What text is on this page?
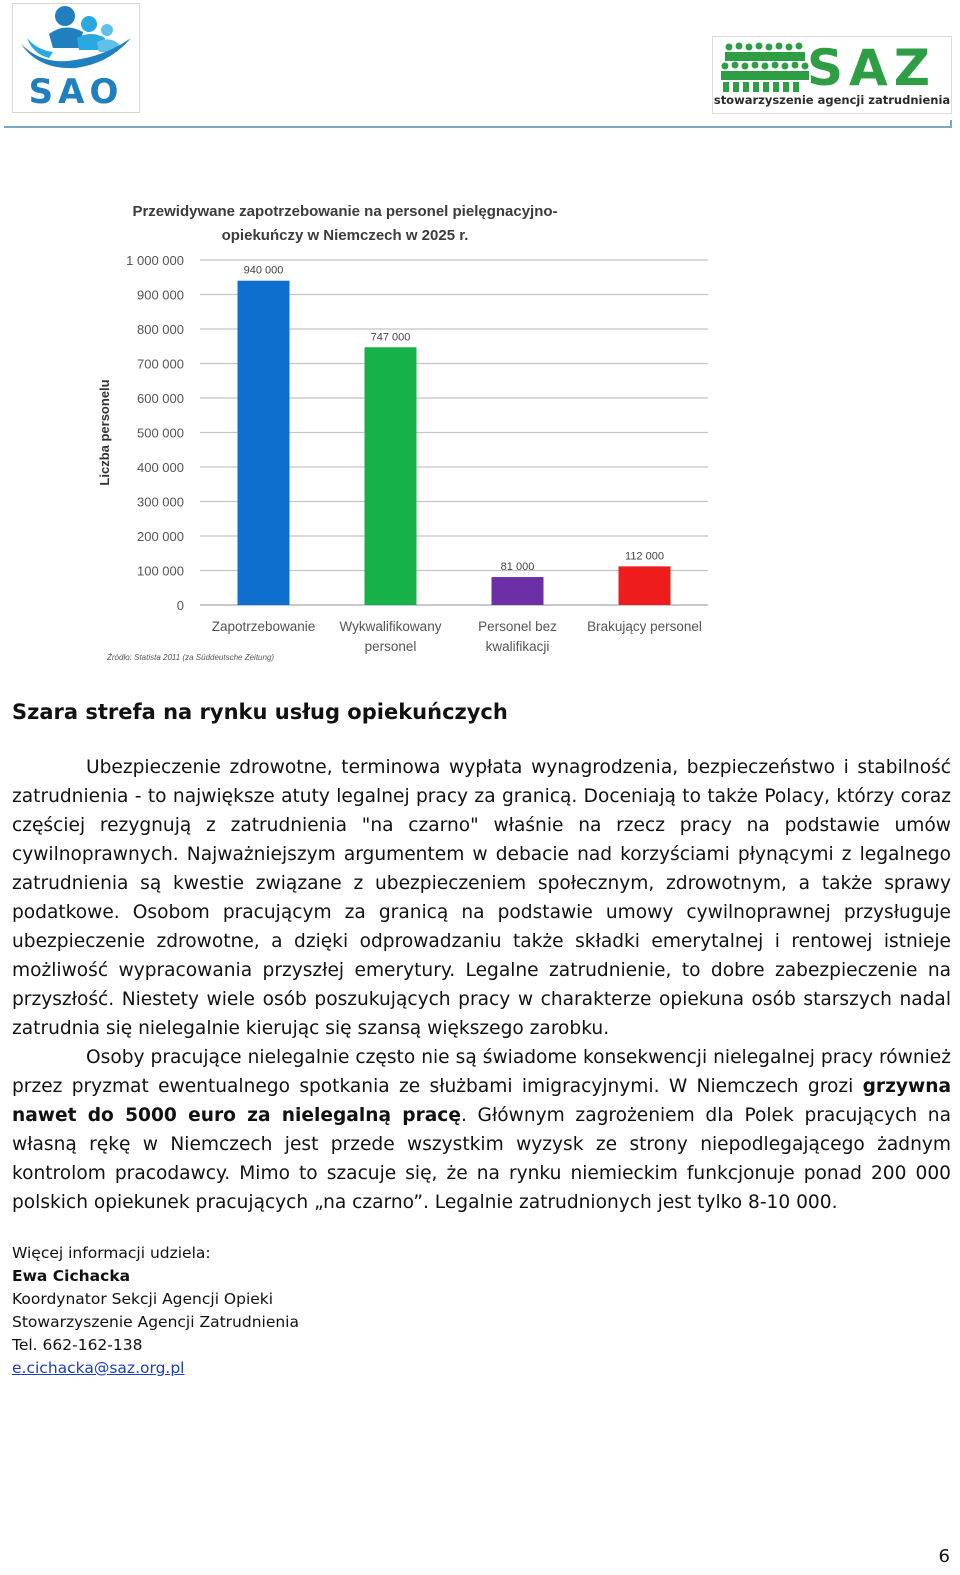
SAO	SAZ
stowarzyszenie agencji zatrudnienia
Przewidywane zapotrzebowanie na personel pielęgnacyjno-
opiekuńczy w Niemczech w 2025 r.
0
100 000
200 000
300 000
400 000
500 000
600 000
700 000
800 000
900 000
1 000 000
Liczba personelu
940 000
Zapotrzebowanie
747 000
Wykwalifikowany
personel
81 000
Personel bez
kwalifikacji
112 000
Brakujący personel
Źródło: Statista 2011 (za Süddeutsche Zeitung)
Szara strefa na rynku usług opiekuńczych

Ubezpieczenie zdrowotne, terminowa wypłata wynagrodzenia, bezpieczeństwo i stabilność zatrudnienia - to największe atuty legalnej pracy za granicą. Doceniają to także Polacy, którzy coraz częściej rezygnują z zatrudnienia "na czarno" właśnie na rzecz pracy na podstawie umów cywilnoprawnych. Najważniejszym argumentem w debacie nad korzyściami płynącymi z legalnego zatrudnienia są kwestie związane z ubezpieczeniem społecznym, zdrowotnym, a także sprawy podatkowe. Osobom pracującym za granicą na podstawie umowy cywilnoprawnej przysługuje ubezpieczenie zdrowotne, a dzięki odprowadzaniu także składki emerytalnej i rentowej istnieje możliwość wypracowania przyszłej emerytury. Legalne zatrudnienie, to dobre zabezpieczenie na przyszłość. Niestety wiele osób poszukujących pracy w charakterze opiekuna osób starszych nadal zatrudnia się nielegalnie kierując się szansą większego zarobku.

Osoby pracujące nielegalnie często nie są świadome konsekwencji nielegalnej pracy również przez pryzmat ewentualnego spotkania ze służbami imigracyjnymi. W Niemczech grozi grzywna nawet do 5000 euro za nielegalną pracę. Głównym zagrożeniem dla Polek pracujących na własną rękę w Niemczech jest przede wszystkim wyzysk ze strony niepodlegającego żadnym kontrolom pracodawcy. Mimo to szacuje się, że na rynku niemieckim funkcjonuje ponad 200 000 polskich opiekunek pracujących „na czarno”. Legalnie zatrudnionych jest tylko 8-10 000.

Więcej informacji udziela:
Ewa Cichacka
Koordynator Sekcji Agencji Opieki
Stowarzyszenie Agencji Zatrudnienia
Tel. 662-162-138
e.cichacka@saz.org.pl
6
